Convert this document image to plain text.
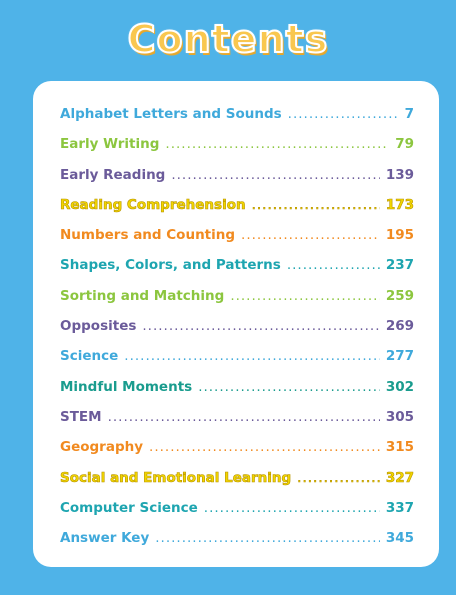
Contents
Alphabet Letters and Sounds .....	7
Early Writing .....	79
Early Reading .....	139
Reading Comprehension .....	173
Numbers and Counting .....	195
Shapes, Colors, and Patterns .....	237
Sorting and Matching .....	259
Opposites .....	269
Science .....	277
Mindful Moments .....	302
STEM .....	305
Geography .....	315
Social and Emotional Learning .....	327
Computer Science .....	337
Answer Key .....	345
